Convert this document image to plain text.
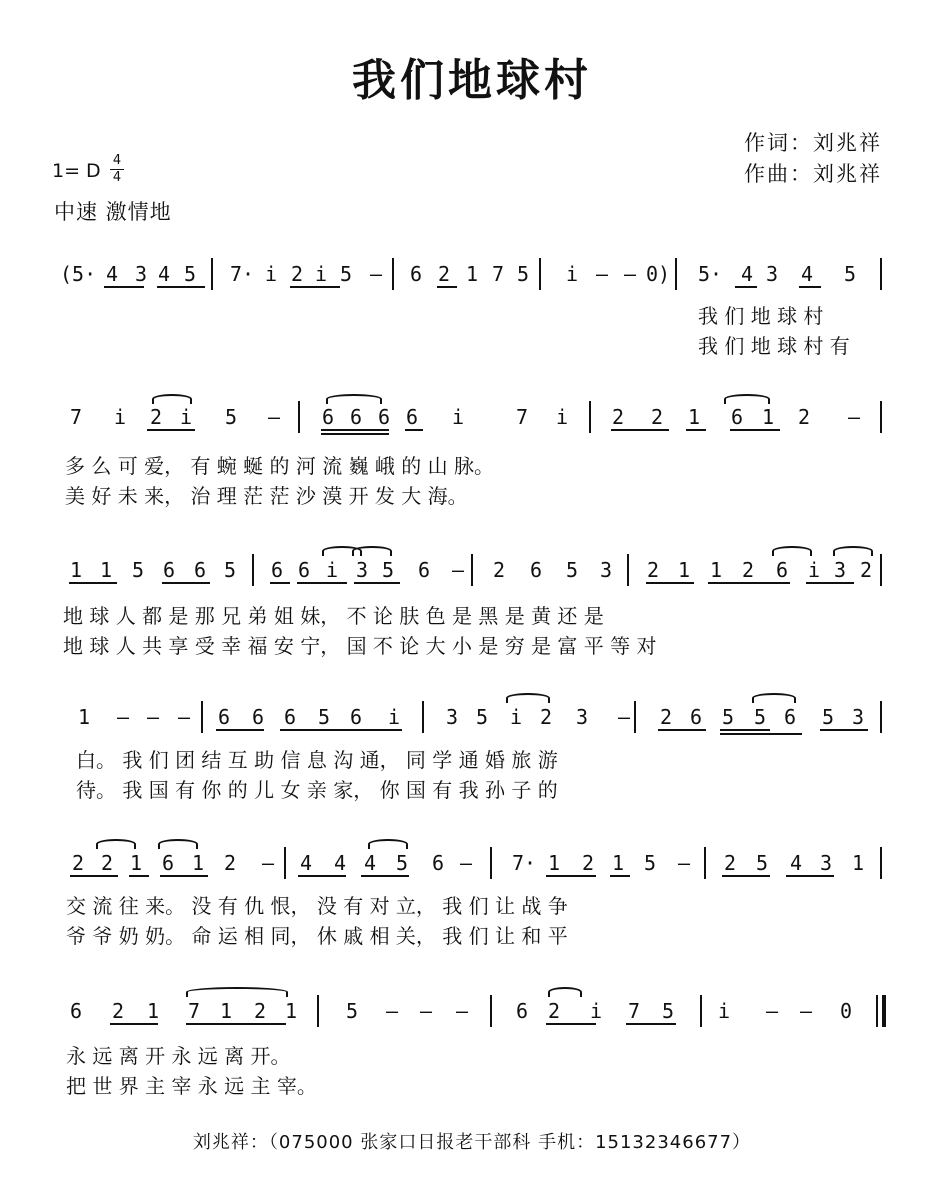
我们地球村
作词：刘兆祥
作曲：刘兆祥
1= D 4
4
中速 激情地
(5· 4 3 4 5 7· i 2 i 5 – 6 2 1 7 5 i – – 0) 5· 4 3 4 5
我 们 地 球 村
我 们 地 球 村 有
7 i 2 i 5 – 6 6 6 6 i	7 i 2 2 1 6 1 2 –
多 么 可 爱， 有 蜿 蜒 的 河 流 巍 峨 的 山 脉。
美 好 未 来， 治 理 茫 茫 沙 漠 开 发 大 海。
1 1 5 6 6 5 6 6 i 3 5 6 – 2 6 5 3 2 1 1 2 6 i 3 2
地 球 人 都 是 那 兄 弟 姐 妹， 不 论 肤 色 是 黑 是 黄 还 是
地 球 人 共 享 受 幸 福 安 宁， 国 不 论 大 小 是 穷 是 富 平 等 对
1 – – – 6 6 6 5 6 i 3 5 i 2 3 – 2 6 5 5 6 5 3
白。 我 们 团 结 互 助 信 息 沟 通， 同 学 通 婚 旅 游
待。 我 国 有 你 的 儿 女 亲 家， 你 国 有 我 孙 子 的
2 2 1 6 1 2 – 4 4 4 5 6 – 7· 1 2 1 5 – 2 5 4 3 1
交 流 往 来。 没 有 仇 恨， 没 有 对 立， 我 们 让 战 争
爷 爷 奶 奶。 命 运 相 同， 休 戚 相 关， 我 们 让 和 平
6 2 1 7 1 2 1 5 – – – 6 2 i 7 5 i – – 0
永 远 离 开 永 远 离 开。
把 世 界 主 宰 永 远 主 宰。
刘兆祥：（075000 张家口日报老干部科 手机：15132346677）
